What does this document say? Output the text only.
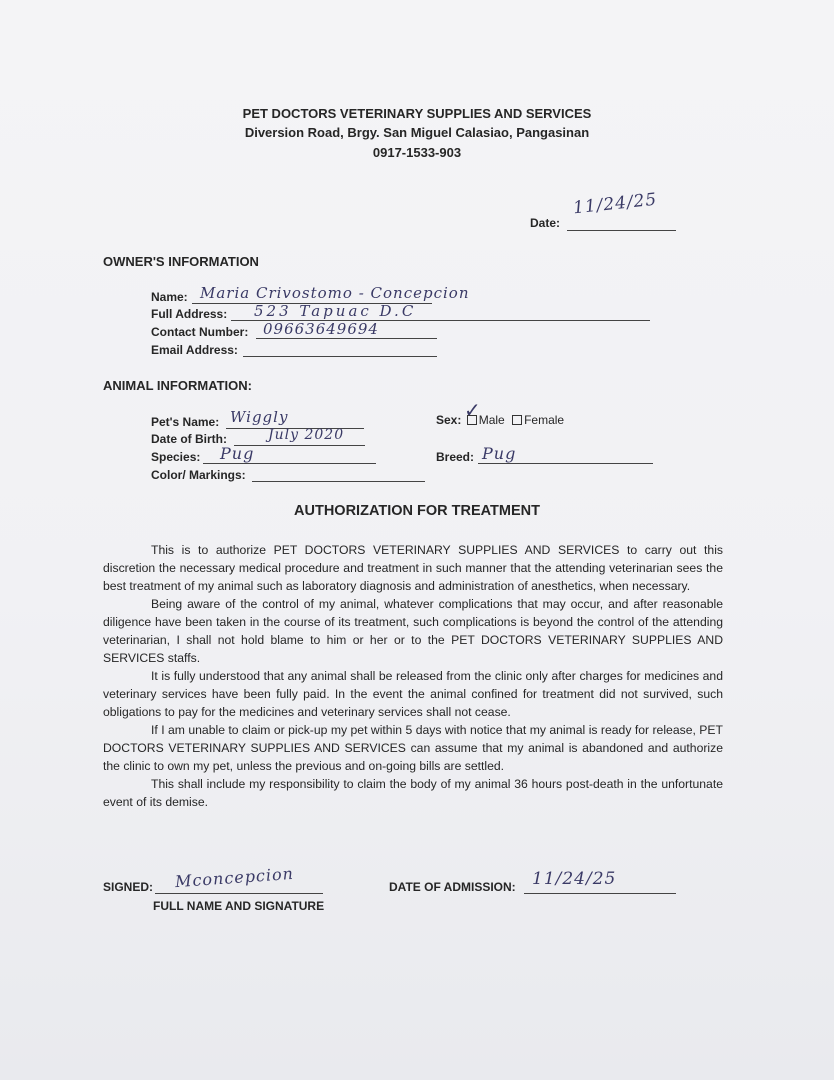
PET DOCTORS VETERINARY SUPPLIES AND SERVICES
Diversion Road, Brgy. San Miguel Calasiao, Pangasinan
0917-1533-903
Date:
11/24/25
OWNER'S INFORMATION
Name: Maria Crivostomo - Concepcion
Full Address: 523 Tapuac D.C
Contact Number: 09663649694
Email Address:
ANIMAL INFORMATION:
Pet's Name: Wiggly
Date of Birth:	July 2020
Species: Pug
Color/ Markings:
Sex: Male Female
✓
Breed: Pug
AUTHORIZATION FOR TREATMENT

This is to authorize PET DOCTORS VETERINARY SUPPLIES AND SERVICES to carry out this discretion the necessary medical procedure and treatment in such manner that the attending veterinarian sees the best treatment of my animal such as laboratory diagnosis and administration of anesthetics, when necessary.

Being aware of the control of my animal, whatever complications that may occur, and after reasonable diligence have been taken in the course of its treatment, such complications is beyond the control of the attending veterinarian, I shall not hold blame to him or her or to the PET DOCTORS VETERINARY SUPPLIES AND SERVICES staffs.

It is fully understood that any animal shall be released from the clinic only after charges for medicines and veterinary services have been fully paid. In the event the animal confined for treatment did not survived, such obligations to pay for the medicines and veterinary services shall not cease.

If I am unable to claim or pick-up my pet within 5 days with notice that my animal is ready for release, PET DOCTORS VETERINARY SUPPLIES AND SERVICES can assume that my animal is abandoned and authorize the clinic to own my pet, unless the previous and on-going bills are settled.

This shall include my responsibility to claim the body of my animal 36 hours post-death in the unfortunate event of its demise.

SIGNED: Mconcepcion
FULL NAME AND SIGNATURE
DATE OF ADMISSION: 11/24/25
